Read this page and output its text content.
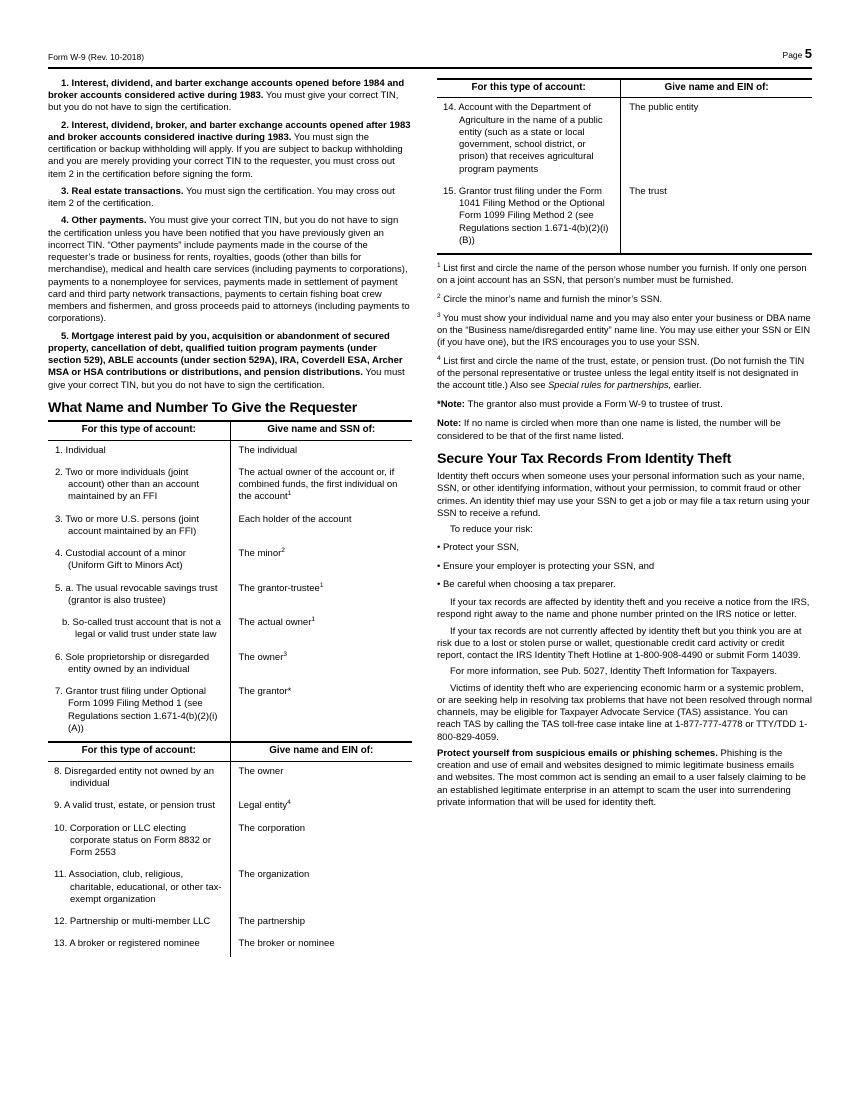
Form W-9 (Rev. 10-2018)	Page 5

1. Interest, dividend, and barter exchange accounts opened before 1984 and broker accounts considered active during 1983. You must give your correct TIN, but you do not have to sign the certification.

2. Interest, dividend, broker, and barter exchange accounts opened after 1983 and broker accounts considered inactive during 1983. You must sign the certification or backup withholding will apply. If you are subject to backup withholding and you are merely providing your correct TIN to the requester, you must cross out item 2 in the certification before signing the form.

3. Real estate transactions. You must sign the certification. You may cross out item 2 of the certification.

4. Other payments. You must give your correct TIN, but you do not have to sign the certification unless you have been notified that you have previously given an incorrect TIN. “Other payments” include payments made in the course of the requester’s trade or business for rents, royalties, goods (other than bills for merchandise), medical and health care services (including payments to corporations), payments to a nonemployee for services, payments made in settlement of payment card and third party network transactions, payments to certain fishing boat crew members and fishermen, and gross proceeds paid to attorneys (including payments to corporations).

5. Mortgage interest paid by you, acquisition or abandonment of secured property, cancellation of debt, qualified tuition program payments (under section 529), ABLE accounts (under section 529A), IRA, Coverdell ESA, Archer MSA or HSA contributions or distributions, and pension distributions. You must give your correct TIN, but you do not have to sign the certification.

What Name and Number To Give the Requester
For this type of account:	Give name and SSN of:
1. Individual	The individual
2. Two or more individuals (joint account) other than an account maintained by an FFI	The actual owner of the account or, if combined funds, the first individual on the account$^1$
3. Two or more U.S. persons (joint account maintained by an FFI)	Each holder of the account
4. Custodial account of a minor (Uniform Gift to Minors Act)	The minor$^2$
5. a. The usual revocable savings trust (grantor is also trustee)	The grantor-trustee$^1$
b. So-called trust account that is not a legal or valid trust under state law	The actual owner$^1$
6. Sole proprietorship or disregarded entity owned by an individual	The owner$^3$
7. Grantor trust filing under Optional Form 1099 Filing Method 1 (see Regulations section 1.671-4(b)(2)(i)(A))	The grantor*
For this type of account:	Give name and EIN of:
8. Disregarded entity not owned by an individual	The owner
9. A valid trust, estate, or pension trust	Legal entity$^4$
10. Corporation or LLC electing corporate status on Form 8832 or Form 2553	The corporation
11. Association, club, religious, charitable, educational, or other tax-exempt organization	The organization
12. Partnership or multi-member LLC	The partnership
13. A broker or registered nominee	The broker or nominee
For this type of account:	Give name and EIN of:
14. Account with the Department of Agriculture in the name of a public entity (such as a state or local government, school district, or prison) that receives agricultural program payments	The public entity
15. Grantor trust filing under the Form 1041 Filing Method or the Optional Form 1099 Filing Method 2 (see Regulations section 1.671-4(b)(2)(i)(B))	The trust

$^1$ List first and circle the name of the person whose number you furnish. If only one person on a joint account has an SSN, that person’s number must be furnished.

$^2$ Circle the minor’s name and furnish the minor’s SSN.

$^3$ You must show your individual name and you may also enter your business or DBA name on the “Business name/disregarded entity” name line. You may use either your SSN or EIN (if you have one), but the IRS encourages you to use your SSN.

$^4$ List first and circle the name of the trust, estate, or pension trust. (Do not furnish the TIN of the personal representative or trustee unless the legal entity itself is not designated in the account title.) Also see Special rules for partnerships, earlier.

*Note: The grantor also must provide a Form W-9 to trustee of trust.

Note: If no name is circled when more than one name is listed, the number will be considered to be that of the first name listed.

Secure Your Tax Records From Identity Theft

Identity theft occurs when someone uses your personal information such as your name, SSN, or other identifying information, without your permission, to commit fraud or other crimes. An identity thief may use your SSN to get a job or may file a tax return using your SSN to receive a refund.

To reduce your risk:

• Protect your SSN,

• Ensure your employer is protecting your SSN, and

• Be careful when choosing a tax preparer.

If your tax records are affected by identity theft and you receive a notice from the IRS, respond right away to the name and phone number printed on the IRS notice or letter.

If your tax records are not currently affected by identity theft but you think you are at risk due to a lost or stolen purse or wallet, questionable credit card activity or credit report, contact the IRS Identity Theft Hotline at 1-800-908-4490 or submit Form 14039.

For more information, see Pub. 5027, Identity Theft Information for Taxpayers.

Victims of identity theft who are experiencing economic harm or a systemic problem, or are seeking help in resolving tax problems that have not been resolved through normal channels, may be eligible for Taxpayer Advocate Service (TAS) assistance. You can reach TAS by calling the TAS toll-free case intake line at 1-877-777-4778 or TTY/TDD 1-800-829-4059.

Protect yourself from suspicious emails or phishing schemes. Phishing is the creation and use of email and websites designed to mimic legitimate business emails and websites. The most common act is sending an email to a user falsely claiming to be an established legitimate enterprise in an attempt to scam the user into surrendering private information that will be used for identity theft.
